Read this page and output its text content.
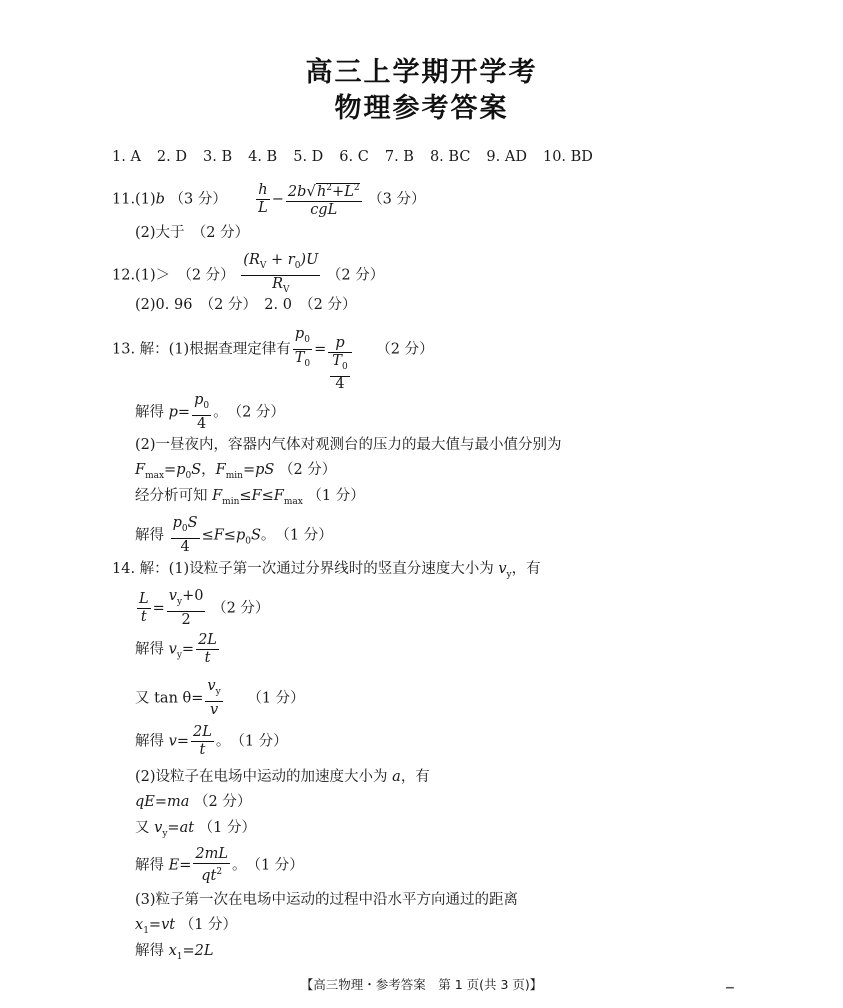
高三上学期开学考
物理参考答案
1. A 2. D 3. B 4. B 5. D 6. C 7. B 8. BC 9. AD 10. BD
11.(1)b （3 分） $\frac{h}{L} - \frac{2b√h^2+L^2}{\text{cgL}} (3$ 分）
(2)大于　（2 分）
12.(1)＞　（2 分） $\frac{(R_V + r_0)U}{R_V} (2$ 分）
(2)0. 96　（2 分）　2. 0　（2 分）
13. 解：(1)根据查理定律有 $\frac{p_0}{T_0} = \frac{p}{\frac{T_0}{4}} (2$ 分）
解得 $p= \frac{p_0}{4}$ 。　（2 分）
(2)一昼夜内，容器内气体对观测台的压力的最大值与最小值分别为
$F_{max}=p_0S$，$F_{min}=pS$ （2 分）
经分析可知 $F_{min}\le F\le F_{max}$ （1 分）
解得 $\frac{p_0S}{4} \le F\le p_0S$。　（1 分）
14. 解：(1)设粒子第一次通过分界线时的竖直分速度大小为 $v_y$，有
$\frac{L}{t} = \frac{v_y+0}{2} (2$ 分）
解得 $v_y= \frac{2L}{t}$
又 $\tan \theta= \frac{v_y}{v} (1$ 分）
解得 $v= \frac{2L}{t}$ 。　（1 分）
(2)设粒子在电场中运动的加速度大小为 a，有
qE=ma （2 分）
又 $v_y=at$ （1 分）
解得 $E= \frac{2mL}{qt^2}$ 。　（1 分）
(3)粒子第一次在电场中运动的过程中沿水平方向通过的距离
$x_1=vt$ （1 分）
解得 $x_1=2L$
【高三物理・参考答案　第 1 页(共 3 页)】	▁
